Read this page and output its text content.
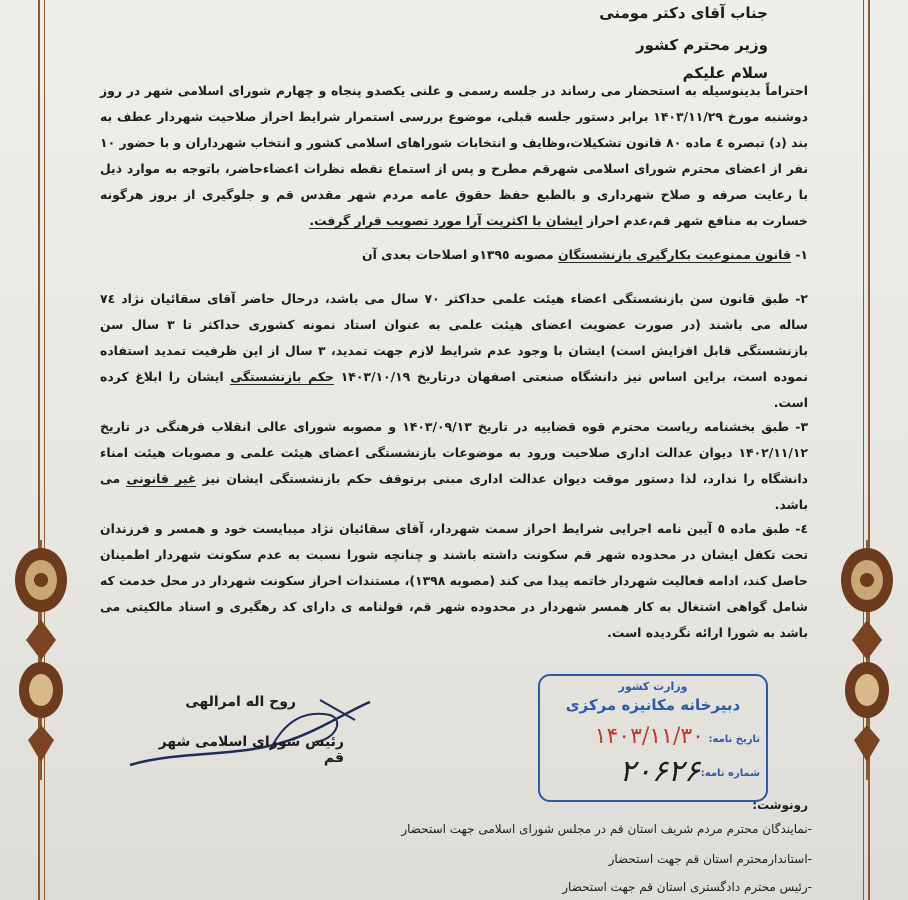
جناب آقای دکتر مومنی
وزیر محترم کشور
سلام علیکم
احتراماً بدینوسیله به استحضار می رساند در جلسه رسمی و علنی یکصدو پنجاه و چهارم شورای اسلامی شهر در روز دوشنبه مورخ ۱۴۰۳/۱۱/۲۹ برابر دستور جلسه قبلی، موضوع بررسی استمرار شرایط احراز صلاحیت شهردار عطف به بند (د) تبصره ٤ ماده ٨٠ قانون تشکیلات،وظایف و انتخابات شوراهای اسلامی کشور و انتخاب شهرداران و با حضور ۱۰ نفر از اعضای محترم شورای اسلامی شهرقم مطرح و پس از استماع نقطه نظرات اعضاءحاضر، باتوجه به موارد ذیل با رعایت صرفه و صلاح شهرداری و بالطبع حفظ حقوق عامه مردم شهر مقدس قم و جلوگیری از بروز هرگونه خسارت به منافع شهر قم،عدم احراز ایشان با اکثریت آرا مورد تصویب قرار گرفت.
١- قانون ممنوعیت بکارگیری بازنشستگان مصوبه ١٣٩٥و اصلاحات بعدی آن
٢- طبق قانون سن بازنشستگی اعضاء هیئت علمی حداکثر ٧٠ سال می باشد، درحال حاضر آقای سقائیان نژاد ٧٤ ساله می باشند (در صورت عضویت اعضای هیئت علمی به عنوان استاد نمونه کشوری حداکثر تا ٣ سال سن بازنشستگی قابل افزایش است) ایشان با وجود عدم شرایط لازم جهت تمدید، ٣ سال از این ظرفیت تمدید استفاده نموده است، براین اساس نیز دانشگاه صنعتی اصفهان درتاریخ ۱۴۰۳/۱۰/۱۹ حکم بازنشستگی ایشان را ابلاغ کرده است.
٣- طبق بخشنامه ریاست محترم قوه قضاییه در تاریخ ۱۴۰۳/۰۹/۱۳ و مصوبه شورای عالی انقلاب فرهنگی در تاریخ ۱۴۰۲/۱۱/۱۲ دیوان عدالت اداری صلاحیت ورود به موضوعات بازنشستگی اعضای هیئت علمی و مصوبات هیئت امناء دانشگاه را ندارد، لذا دستور موقت دیوان عدالت اداری مبنی برتوقف حکم بازنشستگی ایشان نیز غیر قانونی می باشد.
٤- طبق ماده ٥ آیین نامه اجرایی شرایط احراز سمت شهردار، آقای سقائیان نژاد میبایست خود و همسر و فرزندان تحت تکفل ایشان در محدوده شهر قم سکونت داشته باشند و چنانچه شورا نسبت به عدم سکونت شهردار اطمینان حاصل کند، ادامه فعالیت شهردار خاتمه پیدا می کند (مصوبه ۱۳۹۸)، مستندات احراز سکونت شهردار در محل خدمت که شامل گواهی اشتغال به کار همسر شهردار در محدوده شهر قم، قولنامه ی دارای کد رهگیری و اسناد مالکیتی می باشد به شورا ارائه نگردیده است.
روح اله امرالهی
رئیس شورای اسلامی شهر قم
وزارت کشور
دبیرخانه مکانیزه مرکزی
تاریخ نامه:
۱۴۰۳/۱۱/۳۰
شماره نامه:
۲۰۶۲۶
رونوشت:
-نمایندگان محترم مردم شریف استان قم در مجلس شورای اسلامی جهت استحضار
-استاندارمحترم استان قم جهت استحضار
-رئیس محترم دادگستری استان قم جهت استحضار
